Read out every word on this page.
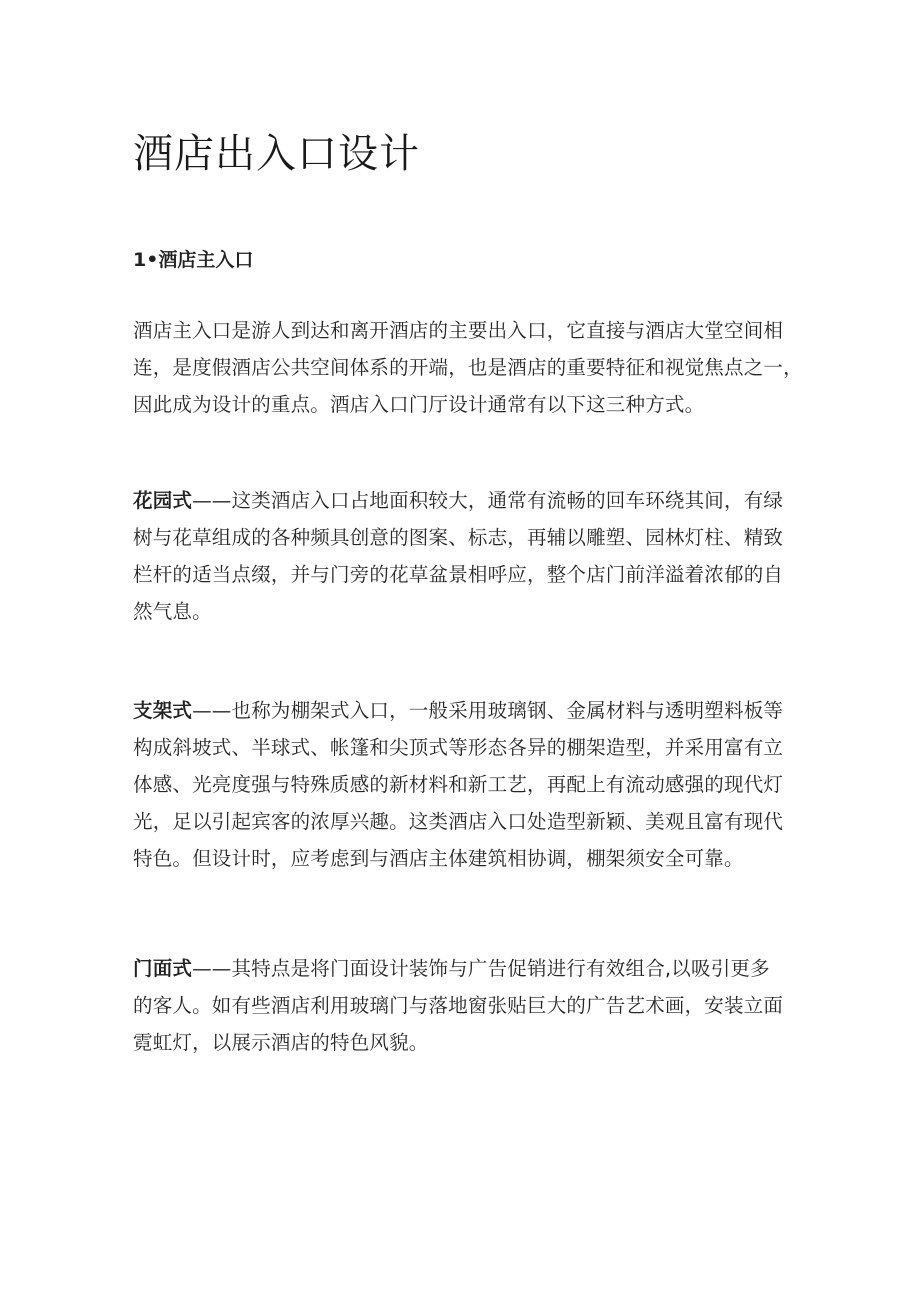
酒店出入口设计
1•酒店主入口

酒店主入口是游人到达和离开酒店的主要出入口，它直接与酒店大堂空间相
连，是度假酒店公共空间体系的开端，也是酒店的重要特征和视觉焦点之一，
因此成为设计的重点。酒店入口门厅设计通常有以下这三种方式。

花园式——这类酒店入口占地面积较大，通常有流畅的回车环绕其间，有绿
树与花草组成的各种频具创意的图案、标志，再辅以雕塑、园林灯柱、精致
栏杆的适当点缀，并与门旁的花草盆景相呼应，整个店门前洋溢着浓郁的自
然气息。

支架式——也称为棚架式入口，一般采用玻璃钢、金属材料与透明塑料板等
构成斜坡式、半球式、帐篷和尖顶式等形态各异的棚架造型，并采用富有立
体感、光亮度强与特殊质感的新材料和新工艺，再配上有流动感强的现代灯
光，足以引起宾客的浓厚兴趣。这类酒店入口处造型新颖、美观且富有现代
特色。但设计时，应考虑到与酒店主体建筑相协调，棚架须安全可靠。

门面式——其特点是将门面设计装饰与广告促销进行有效组合,以吸引更多
的客人。如有些酒店利用玻璃门与落地窗张贴巨大的广告艺术画，安装立面
霓虹灯，以展示酒店的特色风貌。
